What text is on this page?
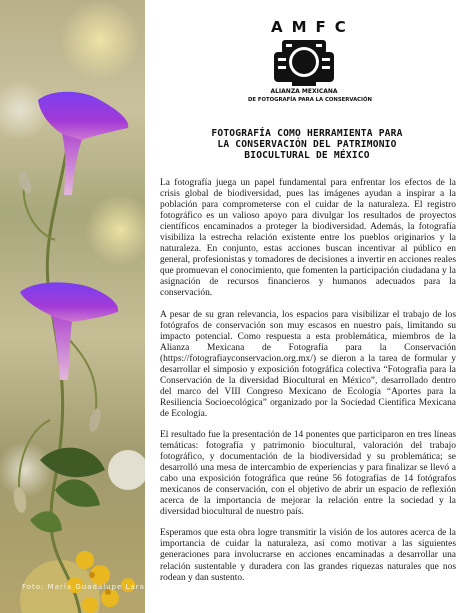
Foto: María Guadalupe Lara
AMFC
ALIANZA MEXICANA
DE FOTOGRAFÍA PARA LA CONSERVACIÓN
FOTOGRAFÍA COMO HERRAMIENTA PARA
LA CONSERVACIÓN DEL PATRIMONIO
BIOCULTURAL DE MÉXICO

La fotografía juega un papel fundamental para enfrentar los efectos de la crisis global de biodiversidad, pues las imágenes ayudan a inspirar a la población para comprometerse con el cuidar de la naturaleza. El registro fotográfico es un valioso apoyo para divulgar los resultados de proyectos científicos encaminados a proteger la biodiversidad. Además, la fotografía visibiliza la estrecha relación existente entre los pueblos originarios y la naturaleza. En conjunto, estas acciones buscan incentivar al público en general, profesionistas y tomadores de decisiones a invertir en acciones reales que promuevan el conocimiento, que fomenten la participación ciudadana y la asignación de recursos financieros y humanos adecuados para la conservación.

A pesar de su gran relevancia, los espacios para visibilizar el trabajo de los fotógrafos de conservación son muy escasos en nuestro país, limitando su impacto potencial. Como respuesta a esta problemática, miembros de la Alianza Mexicana de Fotografía para la Conservación (https://fotografiayconservacion.org.mx/) se dieron a la tarea de formular y desarrollar el simposio y exposición fotográfica colectiva “Fotografía para la Conservación de la diversidad Biocultural en México”, desarrollado dentro del marco del VIII Congreso Mexicano de Ecología “Aportes para la Resiliencia Socioecológica” organizado por la Sociedad Científica Mexicana de Ecología.

El resultado fue la presentación de 14 ponentes que participaron en tres líneas temáticas: fotografía y patrimonio biocultural, valoración del trabajo fotográfico, y documentación de la biodiversidad y su problemática; se desarrolló una mesa de intercambio de experiencias y para finalizar se llevó a cabo una exposición fotográfica que reúne 56 fotografías de 14 fotógrafos mexicanos de conservación, con el objetivo de abrir un espacio de reflexión acerca de la importancia de mejorar la relación entre la sociedad y la diversidad biocultural de nuestro país.

Esperamos que esta obra logre transmitir la visión de los autores acerca de la importancia de cuidar la naturaleza, así como motivar a las siguientes generaciones para involucrarse en acciones encaminadas a desarrollar una relación sustentable y duradera con las grandes riquezas naturales que nos rodean y dan sustento.
